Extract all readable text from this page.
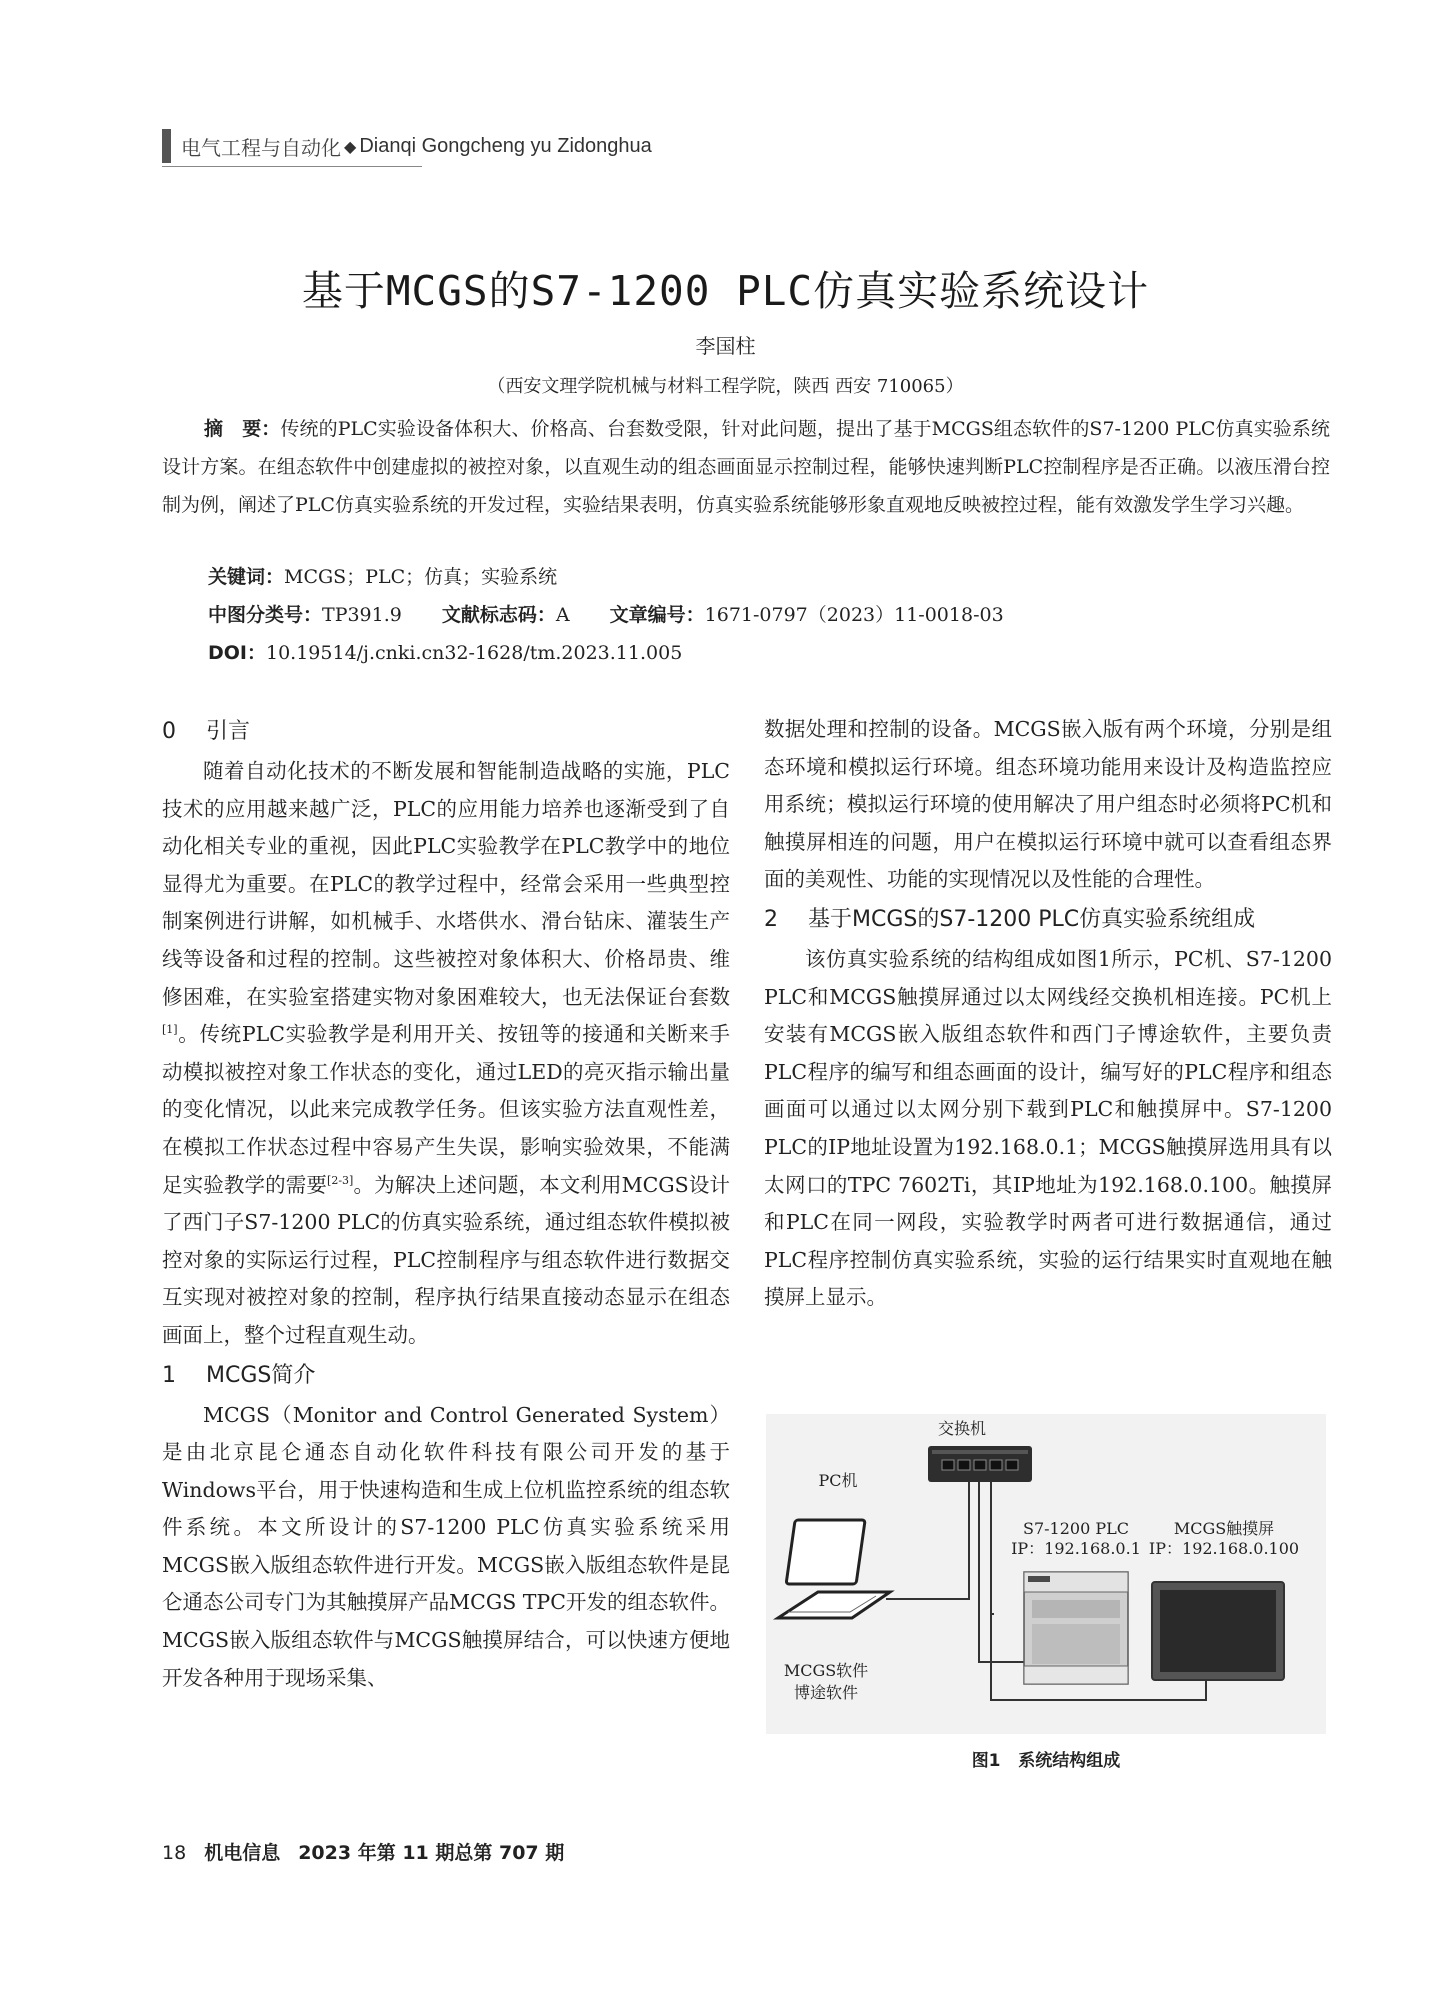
电气工程与自动化 ◆ Dianqi Gongcheng yu Zidonghua
基于MCGS的S7-1200 PLC仿真实验系统设计
李国柱
（西安文理学院机械与材料工程学院，陕西 西安 710065）
摘　要：传统的PLC实验设备体积大、价格高、台套数受限，针对此问题，提出了基于MCGS组态软件的S7-1200 PLC仿真实验系统设计方案。在组态软件中创建虚拟的被控对象，以直观生动的组态画面显示控制过程，能够快速判断PLC控制程序是否正确。以液压滑台控制为例，阐述了PLC仿真实验系统的开发过程，实验结果表明，仿真实验系统能够形象直观地反映被控过程，能有效激发学生学习兴趣。
关键词：MCGS；PLC；仿真；实验系统
中图分类号：TP391.9 文献标志码：A 文章编号：1671-0797（2023）11-0018-03
DOI：10.19514/j.cnki.cn32-1628/tm.2023.11.005
0 引言

随着自动化技术的不断发展和智能制造战略的实施，PLC技术的应用越来越广泛，PLC的应用能力培养也逐渐受到了自动化相关专业的重视，因此PLC实验教学在PLC教学中的地位显得尤为重要。在PLC的教学过程中，经常会采用一些典型控制案例进行讲解，如机械手、水塔供水、滑台钻床、灌装生产线等设备和过程的控制。这些被控对象体积大、价格昂贵、维修困难，在实验室搭建实物对象困难较大，也无法保证台套数[1]。传统PLC实验教学是利用开关、按钮等的接通和关断来手动模拟被控对象工作状态的变化，通过LED的亮灭指示输出量的变化情况，以此来完成教学任务。但该实验方法直观性差，在模拟工作状态过程中容易产生失误，影响实验效果，不能满足实验教学的需要[2-3]。为解决上述问题，本文利用MCGS设计了西门子S7-1200 PLC的仿真实验系统，通过组态软件模拟被控对象的实际运行过程，PLC控制程序与组态软件进行数据交互实现对被控对象的控制，程序执行结果直接动态显示在组态画面上，整个过程直观生动。

1 MCGS简介

MCGS（Monitor and Control Generated System）是由北京昆仑通态自动化软件科技有限公司开发的基于Windows平台，用于快速构造和生成上位机监控系统的组态软件系统。本文所设计的S7-1200 PLC仿真实验系统采用MCGS嵌入版组态软件进行开发。MCGS嵌入版组态软件是昆仑通态公司专门为其触摸屏产品MCGS TPC开发的组态软件。MCGS嵌入版组态软件与MCGS触摸屏结合，可以快速方便地开发各种用于现场采集、

数据处理和控制的设备。MCGS嵌入版有两个环境，分别是组态环境和模拟运行环境。组态环境功能用来设计及构造监控应用系统；模拟运行环境的使用解决了用户组态时必须将PC机和触摸屏相连的问题，用户在模拟运行环境中就可以查看组态界面的美观性、功能的实现情况以及性能的合理性。

2 基于MCGS的S7-1200 PLC仿真实验系统组成

该仿真实验系统的结构组成如图1所示，PC机、S7-1200 PLC和MCGS触摸屏通过以太网线经交换机相连接。PC机上安装有MCGS嵌入版组态软件和西门子博途软件，主要负责PLC程序的编写和组态画面的设计，编写好的PLC程序和组态画面可以通过以太网分别下载到PLC和触摸屏中。S7-1200 PLC的IP地址设置为192.168.0.1；MCGS触摸屏选用具有以太网口的TPC 7602Ti，其IP地址为192.168.0.100。触摸屏和PLC在同一网段，实验教学时两者可进行数据通信，通过PLC程序控制仿真实验系统，实验的运行结果实时直观地在触摸屏上显示。

交换机
PC机
MCGS软件
博途软件
S7-1200 PLC
IP：192.168.0.1
MCGS触摸屏
IP：192.168.0.100
图1 系统结构组成
18 机电信息 2023 年第 11 期总第 707 期
